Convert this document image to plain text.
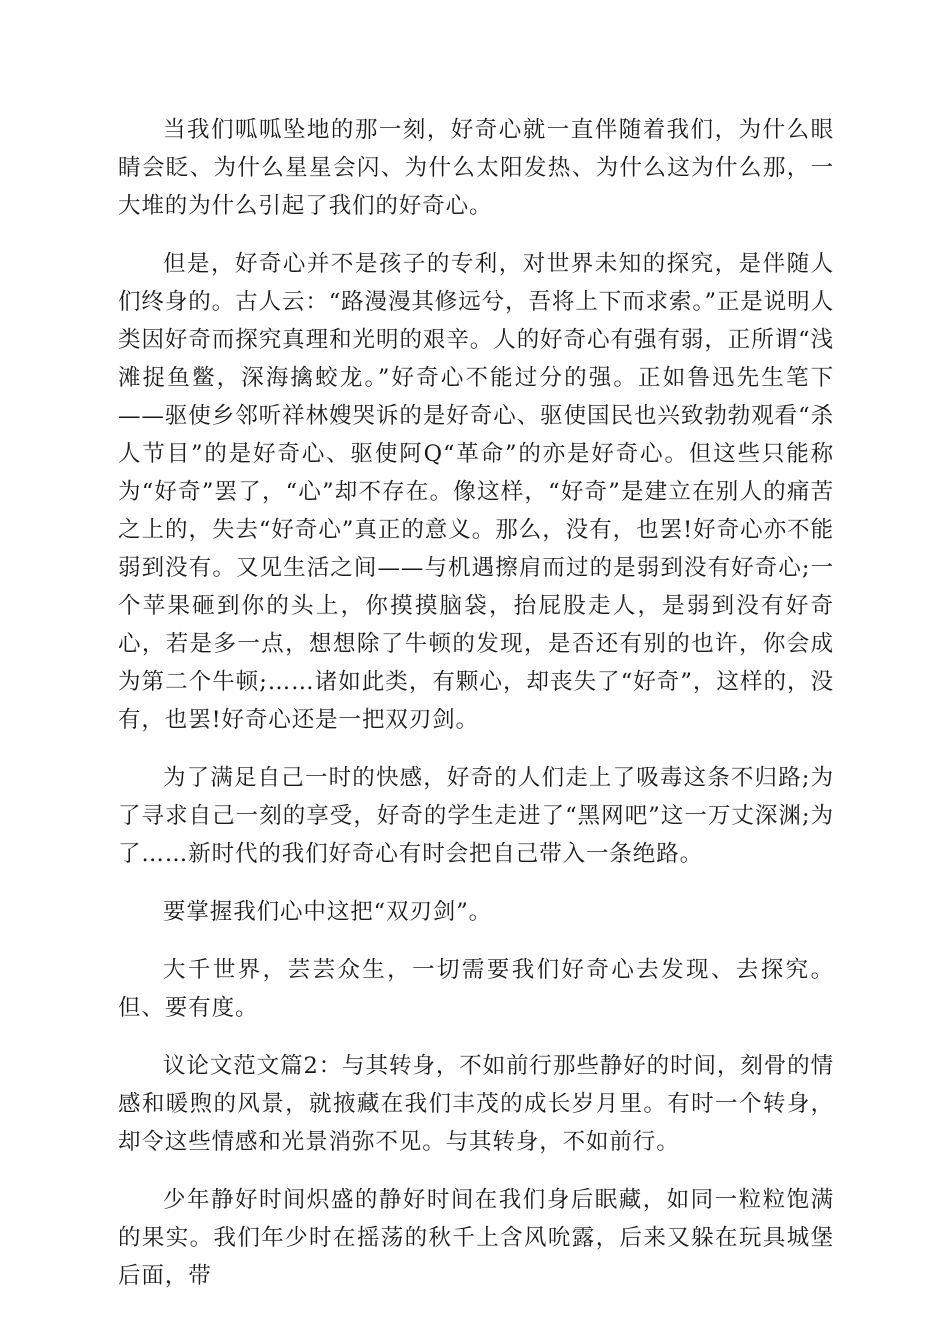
当我们呱呱坠地的那一刻，好奇心就一直伴随着我们，为什么眼睛会眨、为什么星星会闪、为什么太阳发热、为什么这为什么那，一大堆的为什么引起了我们的好奇心。

但是，好奇心并不是孩子的专利，对世界未知的探究，是伴随人们终身的。古人云：“路漫漫其修远兮，吾将上下而求索。”正是说明人类因好奇而探究真理和光明的艰辛。人的好奇心有强有弱，正所谓“浅滩捉鱼鳖，深海擒蛟龙。”好奇心不能过分的强。正如鲁迅先生笔下——驱使乡邻听祥林嫂哭诉的是好奇心、驱使国民也兴致勃勃观看“杀人节目”的是好奇心、驱使阿Q“革命”的亦是好奇心。但这些只能称为“好奇”罢了，“心”却不存在。像这样，“好奇”是建立在别人的痛苦之上的，失去“好奇心”真正的意义。那么，没有，也罢!好奇心亦不能弱到没有。又见生活之间——与机遇擦肩而过的是弱到没有好奇心;一个苹果砸到你的头上，你摸摸脑袋，抬屁股走人，是弱到没有好奇心，若是多一点，想想除了牛顿的发现，是否还有别的也许，你会成为第二个牛顿;……诸如此类，有颗心，却丧失了“好奇”，这样的，没有，也罢!好奇心还是一把双刃剑。

为了满足自己一时的快感，好奇的人们走上了吸毒这条不归路;为了寻求自己一刻的享受，好奇的学生走进了“黑网吧”这一万丈深渊;为了……新时代的我们好奇心有时会把自己带入一条绝路。

要掌握我们心中这把“双刃剑”。

大千世界，芸芸众生，一切需要我们好奇心去发现、去探究。但、要有度。

议论文范文篇2：与其转身，不如前行那些静好的时间，刻骨的情感和暖煦的风景，就掖藏在我们丰茂的成长岁月里。有时一个转身，却令这些情感和光景消弥不见。与其转身，不如前行。

少年静好时间炽盛的静好时间在我们身后眠藏，如同一粒粒饱满的果实。我们年少时在摇荡的秋千上含风吮露，后来又躲在玩具城堡后面，带
